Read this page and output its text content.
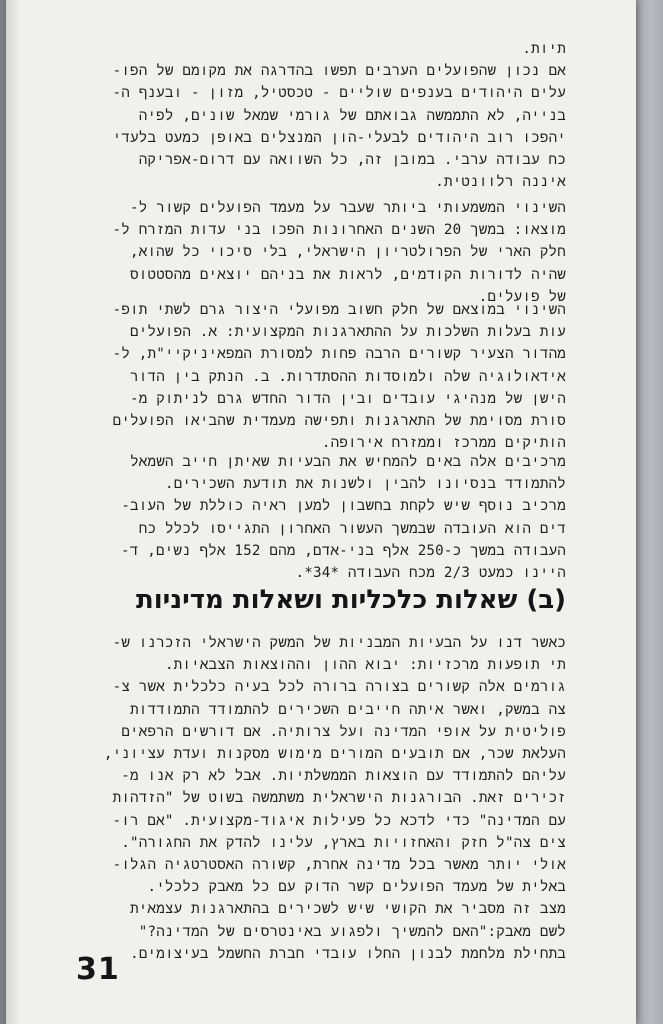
תיות.

אם נכון שהפועלים הערבים תפשו בהדרגה את מקומם של הפו-

עלים היהודים בענפים שוליים - טכסטיל, מזון - ובענף ה-

בנייה, לא התממשה גבואתם של גורמי שמאל שונים, לפיה

יהפכו רוב היהודים לבעלי-הון המנצלים באופן כמעט בלעדי

כח עבודה ערבי. במובן זה, כל השוואה עם דרום-אפריקה

איננה רלוונטית.

השינוי המשמעותי ביותר שעבר על מעמד הפועלים קשור ל-

מוצאו: במשך 20 השנים האחרונות הפכו בני עדות המזרח ל-

חלק הארי של הפרולטריון הישראלי, בלי סיכוי כל שהוא,

שהיה לדורות הקודמים, לראות את בניהם יוצאים מהסטטוס

של פועלים.

השינוי במוצאם של חלק חשוב מפועלי היצור גרם לשתי תופ-

עות בעלות השלכות על ההתארגנות המקצועית: א. הפועלים

מהדור הצעיר קשורים הרבה פחות למסורת המפאיניקיי"ת, ל-

אידאולוגיה שלה ולמוסדות ההסתדרות. ב. הנתק בין הדור

הישן של מנהיגי עובדים ובין הדור החדש גרם לניתוק מ-

סורת מסוימת של התארגנות ותפישה מעמדית שהביאו הפועלים

הותיקים ממרכז וממזרח אירופה.

מרכיבים אלה באים להמחיש את הבעיות שאיתן חייב השמאל

להתמודד בנסיונו להבין ולשנות את תודעת השכירים.

מרכיב נוסף שיש לקחת בחשבון למען ראיה כוללת של העוב-

דים הוא העובדה שבמשך העשור האחרון התגייסו לכלל כח

העבודה במשך כ-250 אלף בני-אדם, מהם 152 אלף נשים, ד-

היינו כמעט 2/3 מכח העבודה *34*.

(ב) שאלות כלכליות ושאלות מדיניות

כאשר דנו על הבעיות המבניות של המשק הישראלי הזכרנו ש-

תי תופעות מרכזיות: יבוא ההון וההוצאות הצבאיות.

גורמים אלה קשורים בצורה ברורה לכל בעיה כלכלית אשר צ-

צה במשק, ואשר איתה חייבים השכירים להתמודד התמודדות

פוליטית על אופי המדינה ועל צרותיה. אם דורשים הרפאים

העלאת שכר, אם תובעים המורים מימוש מסקנות ועדת עציוני,

עליהם להתמודד עם הוצאות הממשלתיות. אבל לא רק אנו מ-

זכירים זאת. הבורגנות הישראלית משתמשה בשוט של "הזדהות

עם המדינה" כדי לדכא כל פעילות איגוד-מקצועית. "אם רו-

צים צה"ל חזק והאחזויות בארץ, עלינו להדק את החגורה".

אולי יותר מאשר בכל מדינה אחרת, קשורה האסטרטגיה הגלו-

באלית של מעמד הפועלים קשר הדוק עם כל מאבק כלכלי.

מצב זה מסביר את הקושי שיש לשכירים בהתארגנות עצמאית

לשם מאבק:"האם להמשיך ולפגוע באינטרסים של המדינה?"

בתחילת מלחמת לבנון החלו עובדי חברת החשמל בעיצומים.

31
